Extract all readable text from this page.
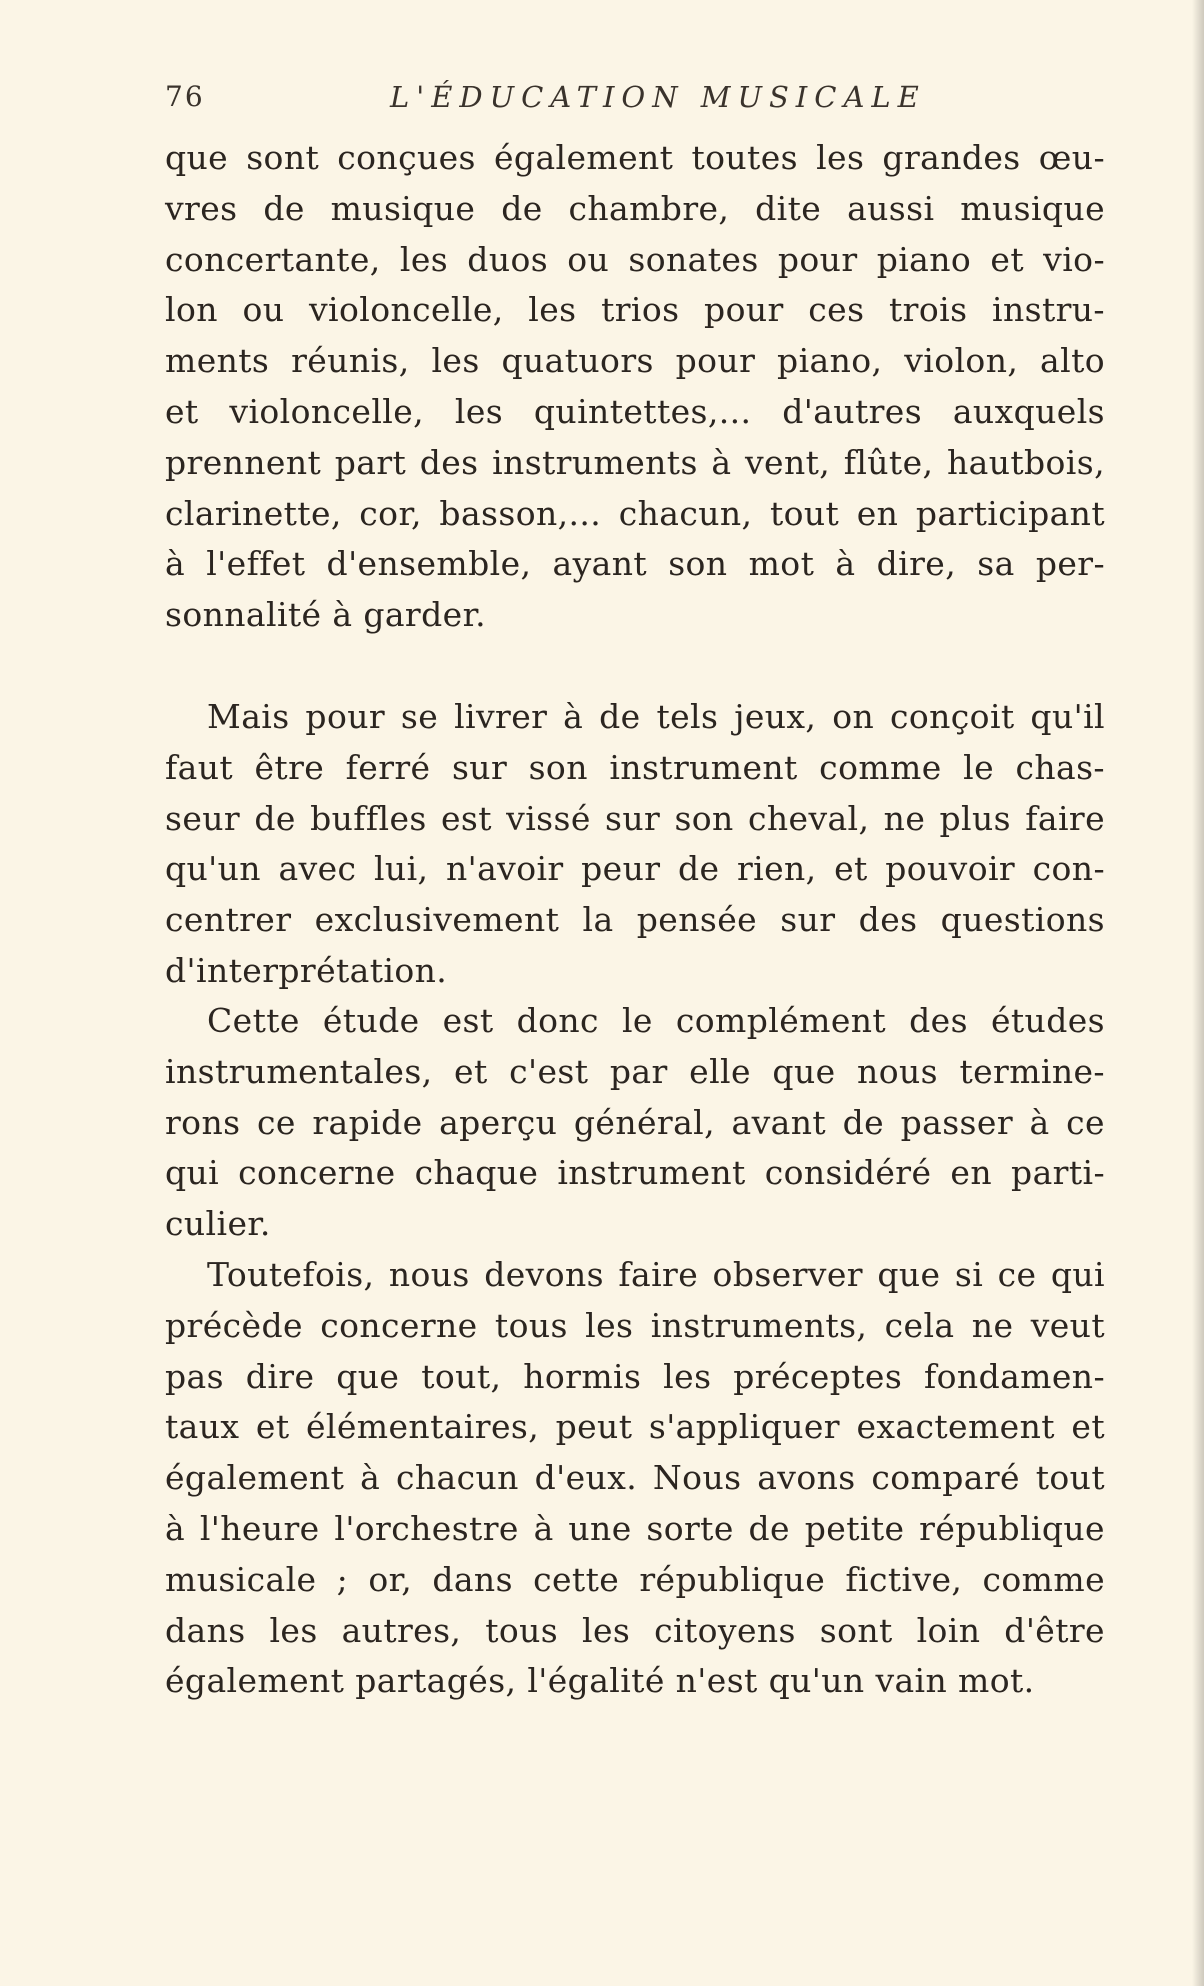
76	L'ÉDUCATION MUSICALE
que sont conçues également toutes les grandes œu-
vres de musique de chambre, dite aussi musique
concertante, les duos ou sonates pour piano et vio-
lon ou violoncelle, les trios pour ces trois instru-
ments réunis, les quatuors pour piano, violon, alto
et violoncelle, les quintettes,... d'autres auxquels
prennent part des instruments à vent, flûte, hautbois,
clarinette, cor, basson,... chacun, tout en participant
à l'effet d'ensemble, ayant son mot à dire, sa per-
sonnalité à garder.
Mais pour se livrer à de tels jeux, on conçoit qu'il
faut être ferré sur son instrument comme le chas-
seur de buffles est vissé sur son cheval, ne plus faire
qu'un avec lui, n'avoir peur de rien, et pouvoir con-
centrer exclusivement la pensée sur des questions
d'interprétation.
Cette étude est donc le complément des études
instrumentales, et c'est par elle que nous termine-
rons ce rapide aperçu général, avant de passer à ce
qui concerne chaque instrument considéré en parti-
culier.
Toutefois, nous devons faire observer que si ce qui
précède concerne tous les instruments, cela ne veut
pas dire que tout, hormis les préceptes fondamen-
taux et élémentaires, peut s'appliquer exactement et
également à chacun d'eux. Nous avons comparé tout
à l'heure l'orchestre à une sorte de petite république
musicale ; or, dans cette république fictive, comme
dans les autres, tous les citoyens sont loin d'être
également partagés, l'égalité n'est qu'un vain mot.
